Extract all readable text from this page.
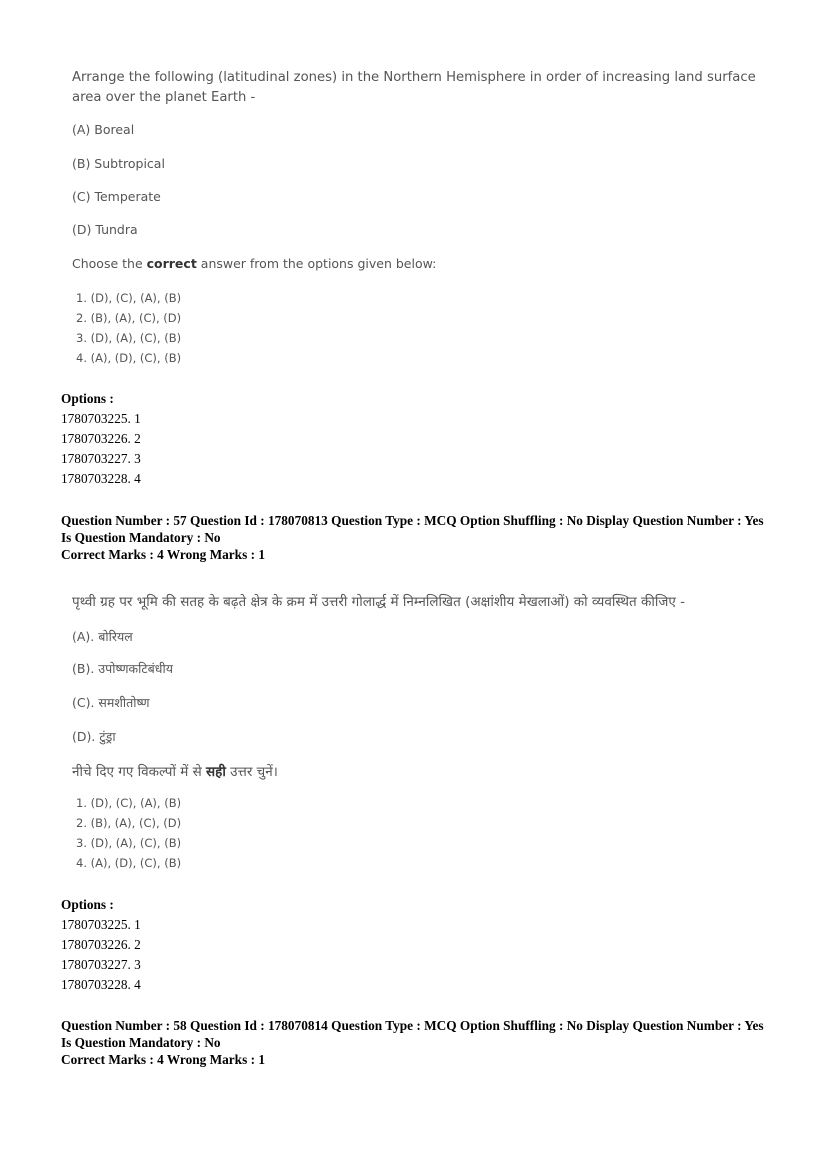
Arrange the following (latitudinal zones) in the Northern Hemisphere in order of increasing land surface area over the planet Earth -

(A) Boreal

(B) Subtropical

(C) Temperate

(D) Tundra

Choose the correct answer from the options given below:

1. (D), (C), (A), (B)
2. (B), (A), (C), (D)
3. (D), (A), (C), (B)
4. (A), (D), (C), (B)
Options :
1780703225. 1
1780703226. 2
1780703227. 3
1780703228. 4
Question Number : 57 Question Id : 178070813 Question Type : MCQ Option Shuffling : No Display Question Number : Yes
Is Question Mandatory : No
Correct Marks : 4 Wrong Marks : 1

पृथ्वी ग्रह पर भूमि की सतह के बढ़ते क्षेत्र के क्रम में उत्तरी गोलार्द्ध में निम्नलिखित (अक्षांशीय मेखलाओं) को व्यवस्थित कीजिए -

(A). बोरियल

(B). उपोष्णकटिबंधीय

(C). समशीतोष्ण

(D). टुंड्रा

नीचे दिए गए विकल्पों में से सही उत्तर चुनें।

1. (D), (C), (A), (B)
2. (B), (A), (C), (D)
3. (D), (A), (C), (B)
4. (A), (D), (C), (B)
Options :
1780703225. 1
1780703226. 2
1780703227. 3
1780703228. 4
Question Number : 58 Question Id : 178070814 Question Type : MCQ Option Shuffling : No Display Question Number : Yes
Is Question Mandatory : No
Correct Marks : 4 Wrong Marks : 1
